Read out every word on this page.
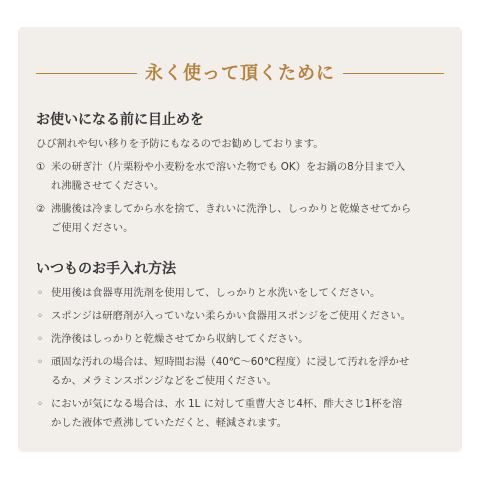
永く使って頂くために

お使いになる前に目止めを

ひび割れや匂い移りを予防にもなるのでお勧めしております。

① 米の研ぎ汁（片栗粉や小麦粉を水で溶いた物でも OK）をお鍋の8分目まで入
れ沸騰させてください。
② 沸騰後は冷ましてから水を捨て、きれいに洗浄し、しっかりと乾燥させてから
ご使用ください。

いつものお手入れ方法

◦ 使用後は食器専用洗剤を使用して、しっかりと水洗いをしてください。
◦ スポンジは研磨剤が入っていない柔らかい食器用スポンジをご使用ください。
◦ 洗浄後はしっかりと乾燥させてから収納してください。
◦ 頑固な汚れの場合は、短時間お湯（40℃〜60℃程度）に浸して汚れを浮かせ
るか、メラミンスポンジなどをご使用ください。
◦ においが気になる場合は、水 1L に対して重曹大さじ4杯、酢大さじ1杯を溶
かした液体で煮沸していただくと、軽減されます。
